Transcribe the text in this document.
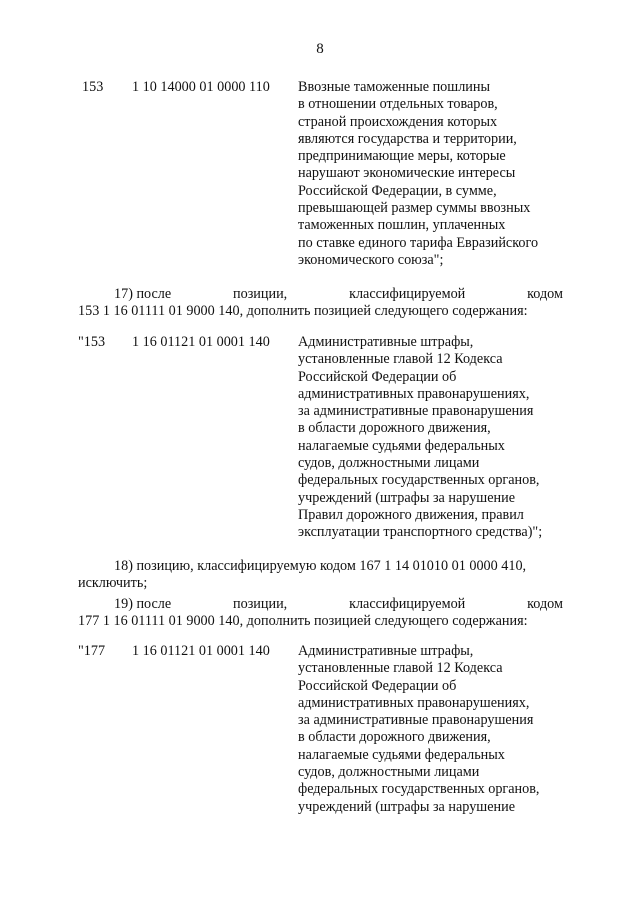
8
153 1 10 14000 01 0000 110 Ввозные таможенные пошлины
в отношении отдельных товаров,
страной происхождения которых
являются государства и территории,
предпринимающие меры, которые
нарушают экономические интересы
Российской Федерации, в сумме,
превышающей размер суммы ввозных
таможенных пошлин, уплаченных
по ставке единого тарифа Евразийского
экономического союза";
17) после	позиции,	классифицируемой	кодом
153 1 16 01111 01 9000 140, дополнить позицией следующего содержания:
"153 1 16 01121 01 0001 140 Административные штрафы,
установленные главой 12 Кодекса
Российской Федерации об
административных правонарушениях,
за административные правонарушения
в области дорожного движения,
налагаемые судьями федеральных
судов, должностными лицами
федеральных государственных органов,
учреждений (штрафы за нарушение
Правил дорожного движения, правил
эксплуатации транспортного средства)";
18) позицию, классифицируемую кодом 167 1 14 01010 01 0000 410,
исключить;
19) после	позиции,	классифицируемой	кодом
177 1 16 01111 01 9000 140, дополнить позицией следующего содержания:
"177 1 16 01121 01 0001 140 Административные штрафы,
установленные главой 12 Кодекса
Российской Федерации об
административных правонарушениях,
за административные правонарушения
в области дорожного движения,
налагаемые судьями федеральных
судов, должностными лицами
федеральных государственных органов,
учреждений (штрафы за нарушение
